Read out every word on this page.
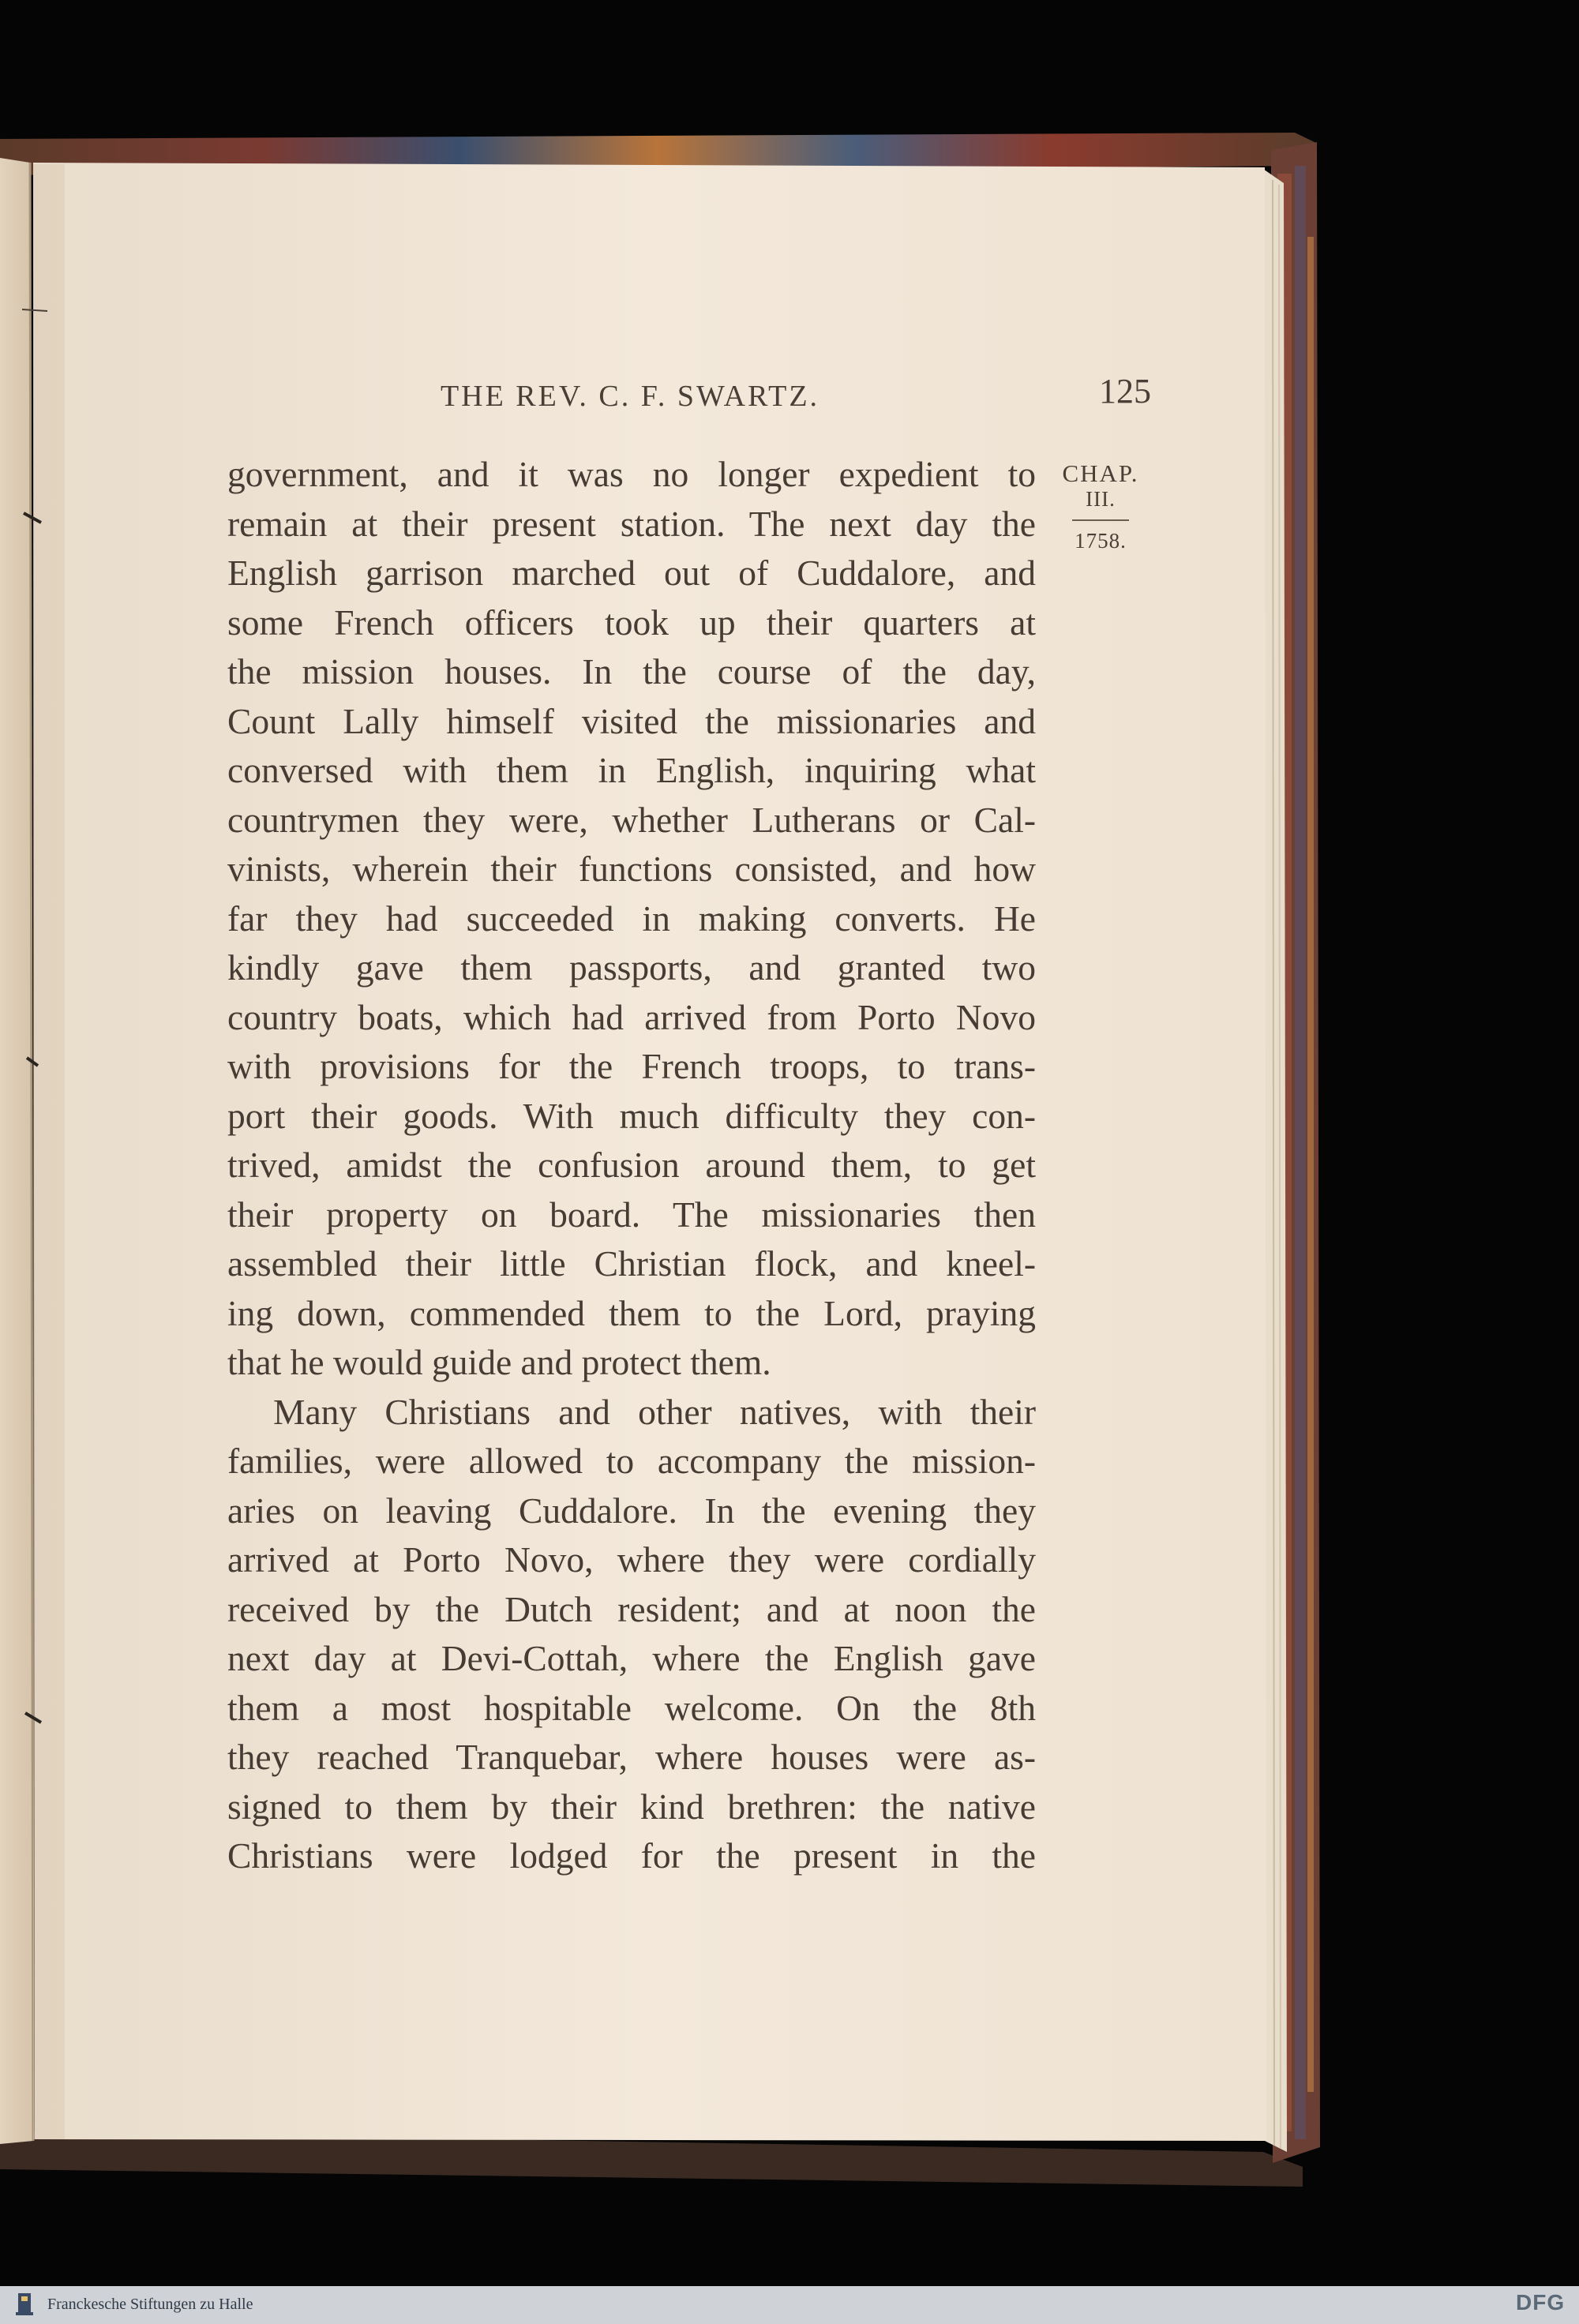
THE REV. C. F. SWARTZ.	125
CHAP.
III.
1758.
government, and it was no longer expedient to
remain at their present station. The next day the
English garrison marched out of Cuddalore, and
some French officers took up their quarters at
the mission houses. In the course of the day,
Count Lally himself visited the missionaries and
conversed with them in English, inquiring what
countrymen they were, whether Lutherans or Cal-
vinists, wherein their functions consisted, and how
far they had succeeded in making converts. He
kindly gave them passports, and granted two
country boats, which had arrived from Porto Novo
with provisions for the French troops, to trans-
port their goods. With much difficulty they con-
trived, amidst the confusion around them, to get
their property on board. The missionaries then
assembled their little Christian flock, and kneel-
ing down, commended them to the Lord, praying
that he would guide and protect them.
Many Christians and other natives, with their
families, were allowed to accompany the mission-
aries on leaving Cuddalore. In the evening they
arrived at Porto Novo, where they were cordially
received by the Dutch resident; and at noon the
next day at Devi-Cottah, where the English gave
them a most hospitable welcome. On the 8th
they reached Tranquebar, where houses were as-
signed to them by their kind brethren: the native
Christians were lodged for the present in the
Franckesche Stiftungen zu Halle	DFG
